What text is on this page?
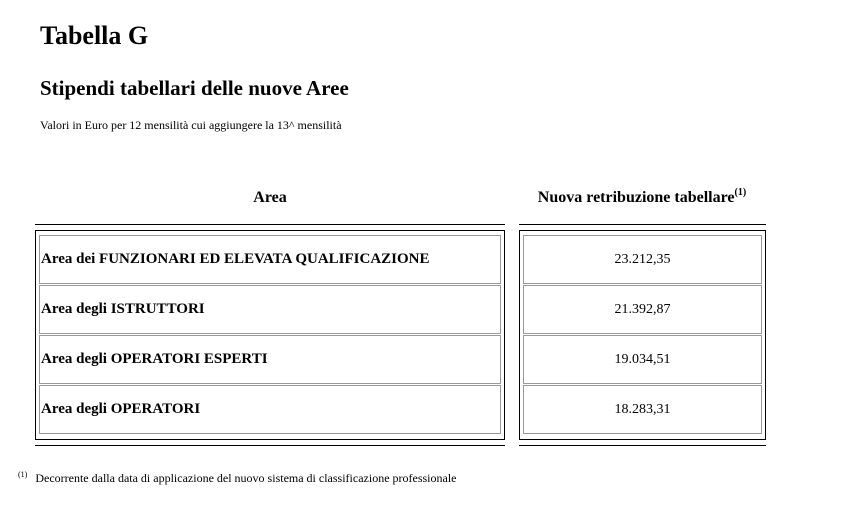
Tabella G
Stipendi tabellari delle nuove Aree

Valori in Euro per 12 mensilità cui aggiungere la 13^ mensilità

Area	Nuova retribuzione tabellare$^{(1)}$
Area dei FUNZIONARI ED ELEVATA QUALIFICAZIONE
Area degli ISTRUTTORI
Area degli OPERATORI ESPERTI
Area degli OPERATORI
23.212,35
21.392,87
19.034,51
18.283,31
$^{(1)}$ Decorrente dalla data di applicazione del nuovo sistema di classificazione professionale
